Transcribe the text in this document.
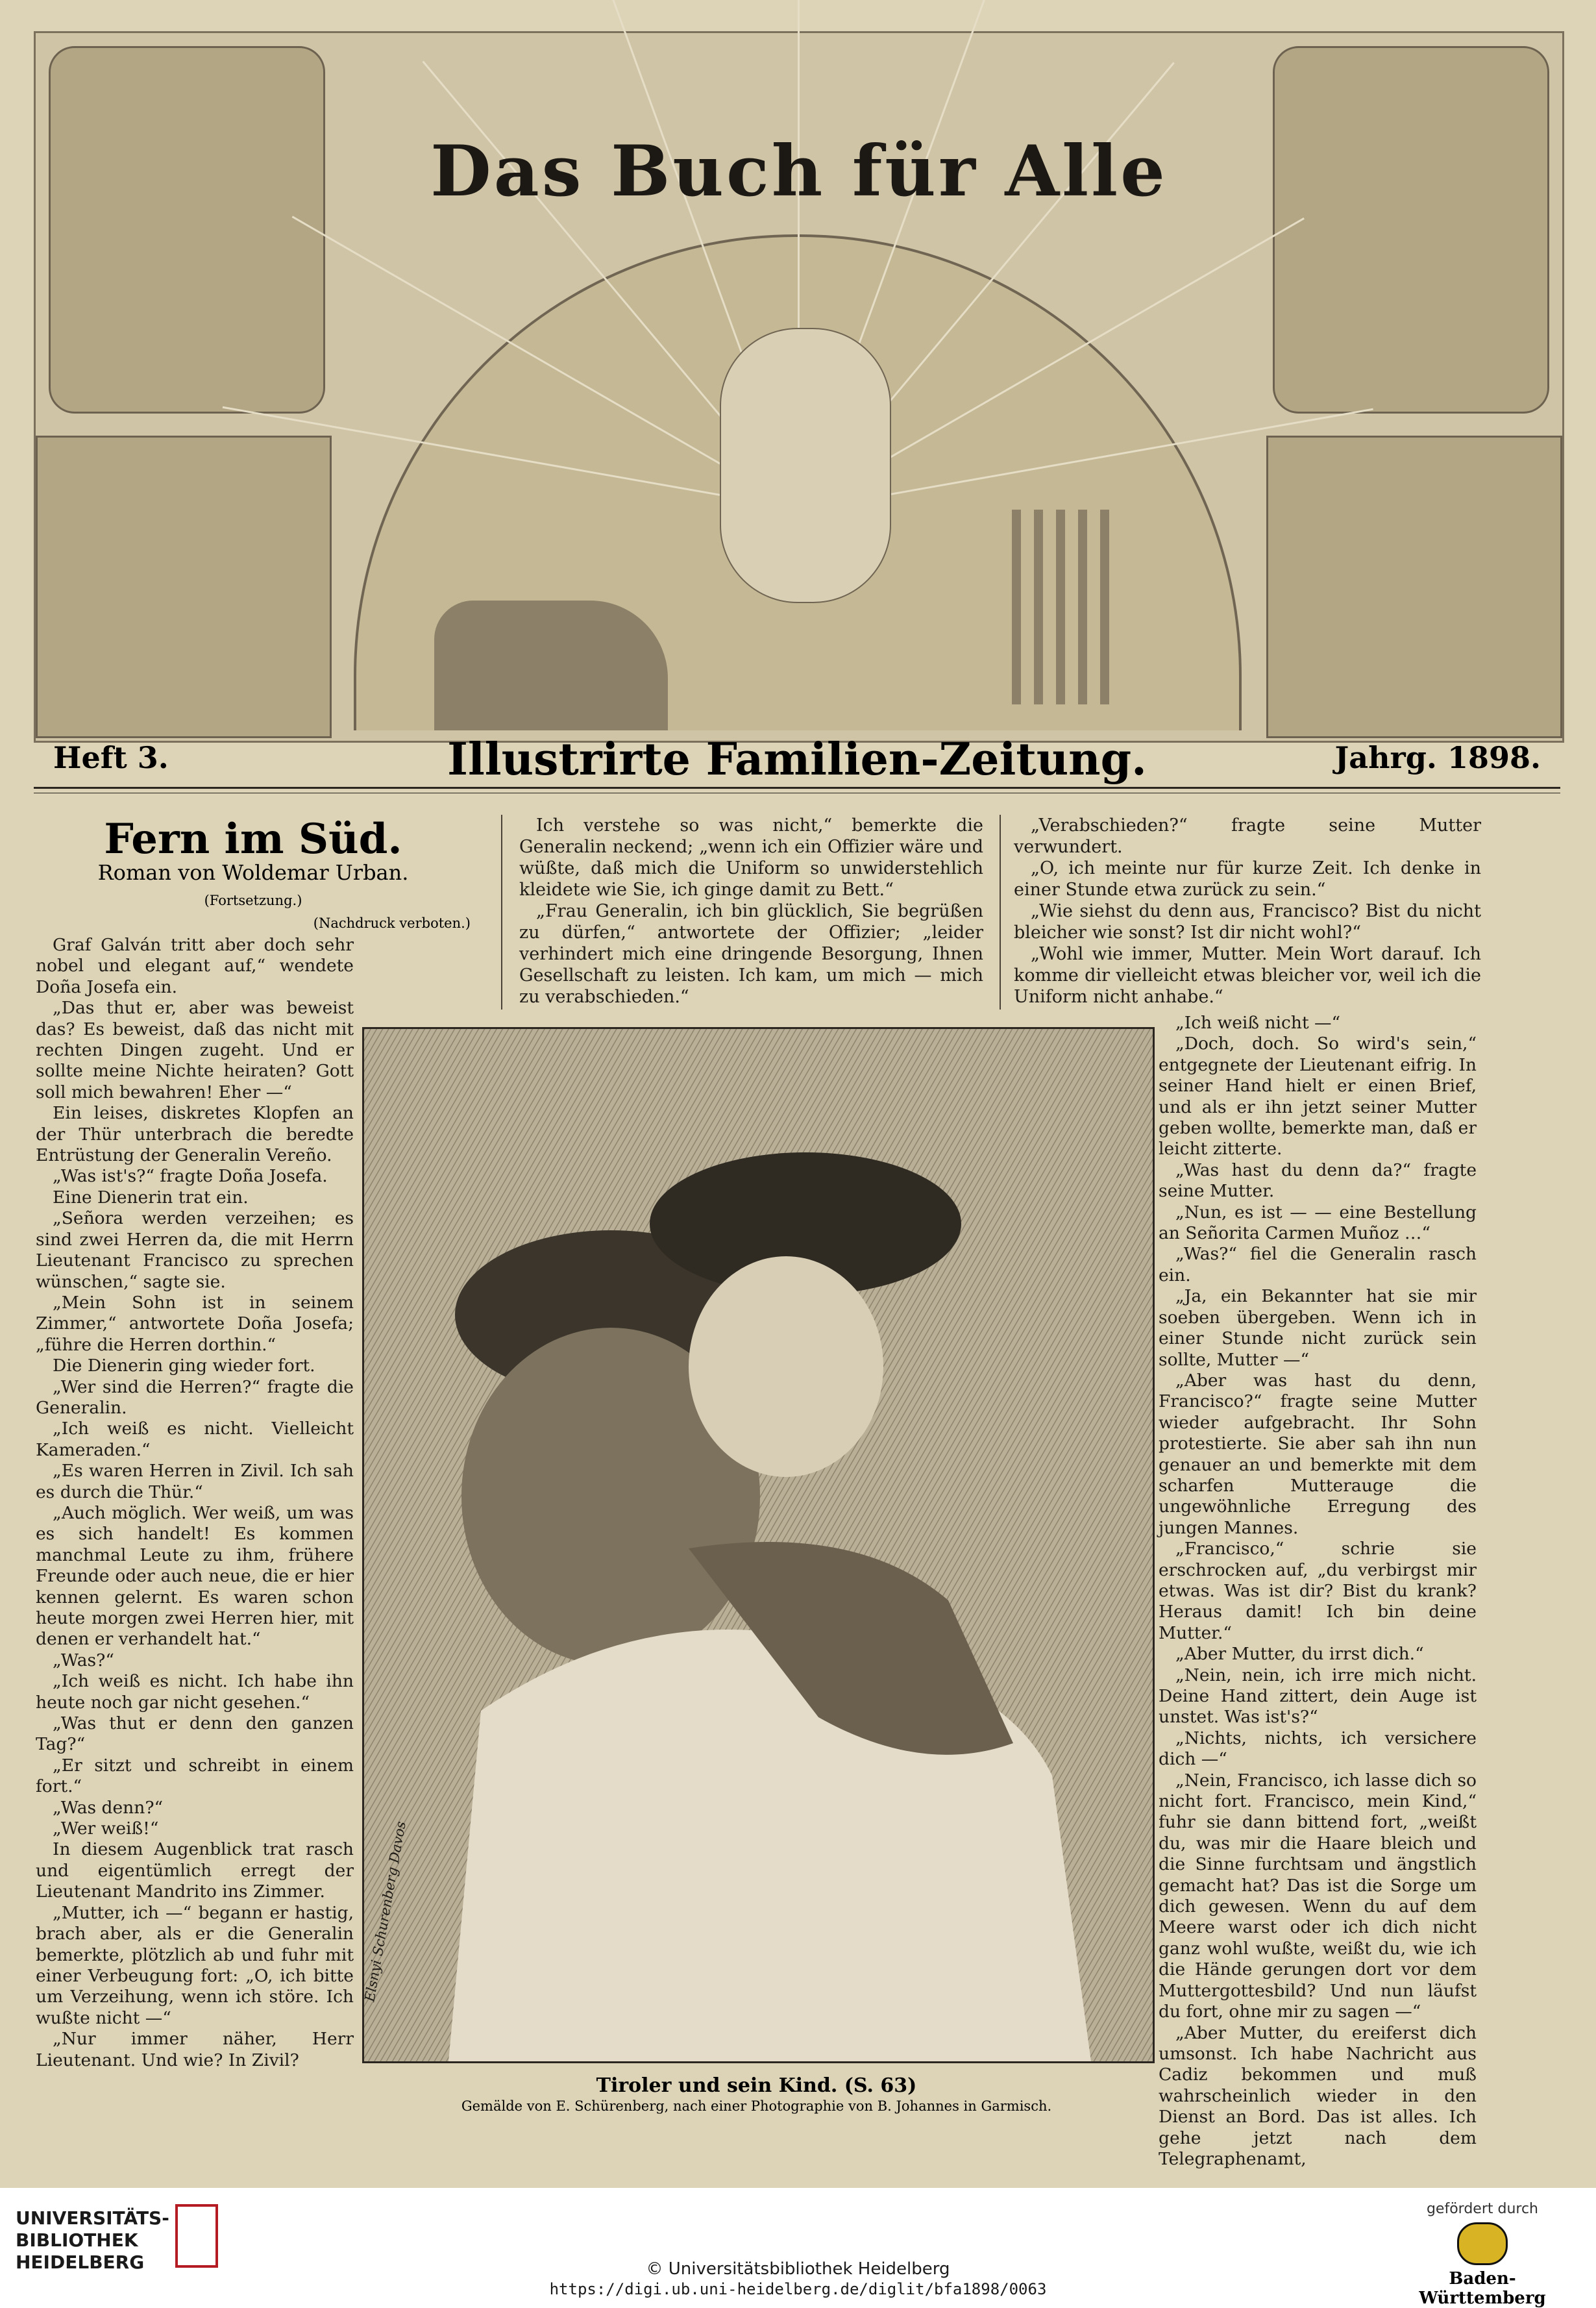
Das Buch für Alle
Heft 3.	Illustrirte Familien-Zeitung.	Jahrg. 1898.
Fern im Süd.
Roman von Woldemar Urban.
(Fortsetzung.)
(Nachdruck verboten.)

Graf Galván tritt aber doch sehr nobel und elegant auf,“ wendete Doña Josefa ein.

„Das thut er, aber was beweist das? Es beweist, daß das nicht mit rechten Dingen zugeht. Und er sollte meine Nichte heiraten? Gott soll mich bewahren! Eher —“

Ein leises, diskretes Klopfen an der Thür unterbrach die beredte Entrüstung der Generalin Vereño.

„Was ist's?“ fragte Doña Josefa.

Eine Dienerin trat ein.

„Señora werden verzeihen; es sind zwei Herren da, die mit Herrn Lieutenant Francisco zu sprechen wünschen,“ sagte sie.

„Mein Sohn ist in seinem Zimmer,“ antwortete Doña Josefa; „führe die Herren dorthin.“

Die Dienerin ging wieder fort.

„Wer sind die Herren?“ fragte die Generalin.

„Ich weiß es nicht. Vielleicht Kameraden.“

„Es waren Herren in Zivil. Ich sah es durch die Thür.“

„Auch möglich. Wer weiß, um was es sich handelt! Es kommen manchmal Leute zu ihm, frühere Freunde oder auch neue, die er hier kennen gelernt. Es waren schon heute morgen zwei Herren hier, mit denen er verhandelt hat.“

„Was?“

„Ich weiß es nicht. Ich habe ihn heute noch gar nicht gesehen.“

„Was thut er denn den ganzen Tag?“

„Er sitzt und schreibt in einem fort.“

„Was denn?“

„Wer weiß!“

In diesem Augenblick trat rasch und eigentümlich erregt der Lieutenant Mandrito ins Zimmer.

„Mutter, ich —“ begann er hastig, brach aber, als er die Generalin bemerkte, plötzlich ab und fuhr mit einer Verbeugung fort: „O, ich bitte um Verzeihung, wenn ich störe. Ich wußte nicht —“

„Nur immer näher, Herr Lieutenant. Und wie? In Zivil?

Ich verstehe so was nicht,“ bemerkte die Generalin neckend; „wenn ich ein Offizier wäre und wüßte, daß mich die Uniform so unwiderstehlich kleidete wie Sie, ich ginge damit zu Bett.“

„Frau Generalin, ich bin glücklich, Sie begrüßen zu dürfen,“ antwortete der Offizier; „leider verhindert mich eine dringende Besorgung, Ihnen Gesellschaft zu leisten. Ich kam, um mich — mich zu verabschieden.“

„Verabschieden?“ fragte seine Mutter verwundert.

„O, ich meinte nur für kurze Zeit. Ich denke in einer Stunde etwa zurück zu sein.“

„Wie siehst du denn aus, Francisco? Bist du nicht bleicher wie sonst? Ist dir nicht wohl?“

„Wohl wie immer, Mutter. Mein Wort darauf. Ich komme dir vielleicht etwas bleicher vor, weil ich die Uniform nicht anhabe.“

„Ich weiß nicht —“

„Doch, doch. So wird's sein,“ entgegnete der Lieutenant eifrig. In seiner Hand hielt er einen Brief, und als er ihn jetzt seiner Mutter geben wollte, bemerkte man, daß er leicht zitterte.

„Was hast du denn da?“ fragte seine Mutter.

„Nun, es ist — — eine Bestellung an Señorita Carmen Muñoz …“

„Was?“ fiel die Generalin rasch ein.

„Ja, ein Bekannter hat sie mir soeben übergeben. Wenn ich in einer Stunde nicht zurück sein sollte, Mutter —“

„Aber was hast du denn, Francisco?“ fragte seine Mutter wieder aufgebracht. Ihr Sohn protestierte. Sie aber sah ihn nun genauer an und bemerkte mit dem scharfen Mutterauge die ungewöhnliche Erregung des jungen Mannes.

„Francisco,“ schrie sie erschrocken auf, „du verbirgst mir etwas. Was ist dir? Bist du krank? Heraus damit! Ich bin deine Mutter.“

„Aber Mutter, du irrst dich.“

„Nein, nein, ich irre mich nicht. Deine Hand zittert, dein Auge ist unstet. Was ist's?“

„Nichts, nichts, ich versichere dich —“

„Nein, Francisco, ich lasse dich so nicht fort. Francisco, mein Kind,“ fuhr sie dann bittend fort, „weißt du, was mir die Haare bleich und die Sinne furchtsam und ängstlich gemacht hat? Das ist die Sorge um dich gewesen. Wenn du auf dem Meere warst oder ich dich nicht ganz wohl wußte, weißt du, wie ich die Hände gerungen dort vor dem Muttergottesbild? Und nun läufst du fort, ohne mir zu sagen —“

„Aber Mutter, du ereiferst dich umsonst. Ich habe Nachricht aus Cadiz bekommen und muß wahrscheinlich wieder in den Dienst an Bord. Das ist alles. Ich gehe jetzt nach dem Telegraphenamt,

Elsnyi Schurenberg Davos
Tiroler und sein Kind. (S. 63)
Gemälde von E. Schürenberg, nach einer Photographie von B. Johannes in Garmisch.
UNIVERSITÄTS- BIBLIOTHEK HEIDELBERG	© Universitätsbibliothek Heidelberg
https://digi.ub.uni-heidelberg.de/diglit/bfa1898/0063
gefördert durch
Baden-Württemberg
